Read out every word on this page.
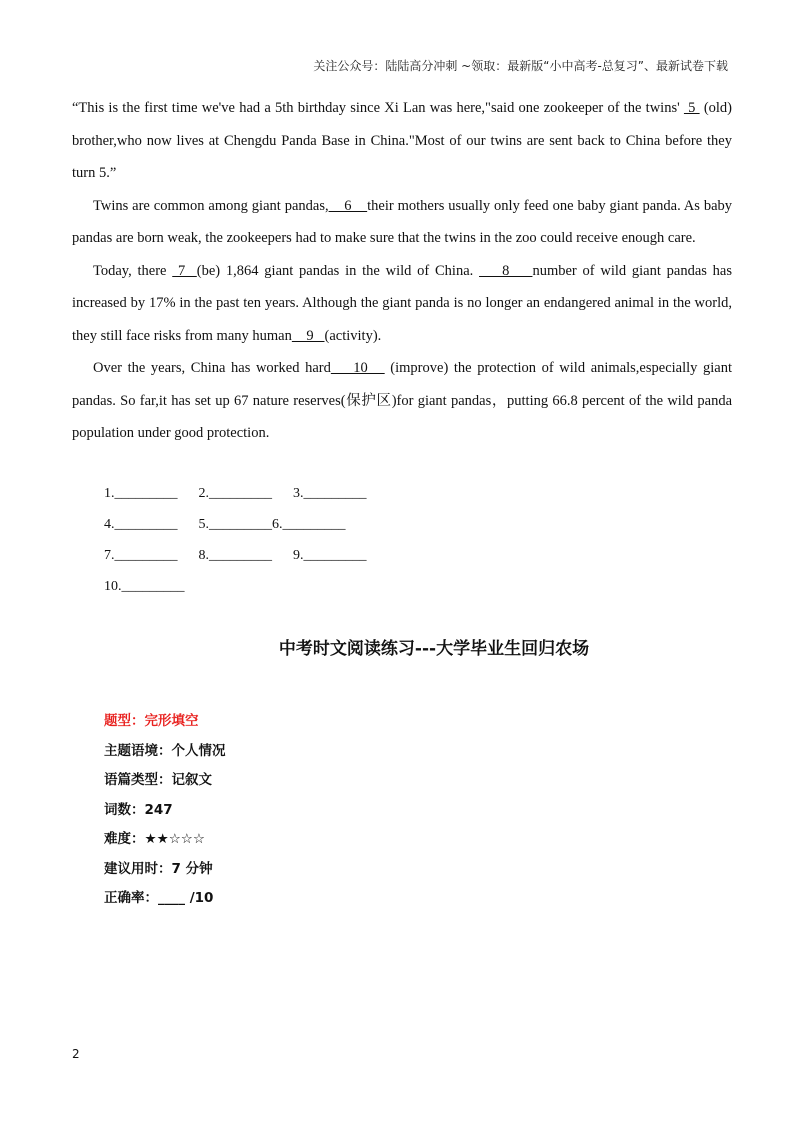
关注公众号：陆陆高分冲刺 ~领取：最新版“小中高考-总复习”、最新试卷下载

“This is the first time we've had a 5th birthday since Xi Lan was here,"said one zookeeper of the twins'  5  (old) brother,who now lives at Chengdu Panda Base in China."Most of our twins are sent back to China before they turn 5.”

Twins are common among giant pandas,    6    their mothers usually only feed one baby giant panda. As baby pandas are born weak, the zookeepers had to make sure that the twins in the zoo could receive enough care.

Today, there  7  (be) 1,864 giant pandas in the wild of China.     8    number of wild giant pandas has increased by 17% in the past ten years. Although the giant panda is no longer an endangered animal in the world, they still face risks from many human    9   (activity).

Over the years, China has worked hard    10    (improve) the protection of wild animals,especially giant pandas. So far,it has set up 67 nature reserves(保护区)for giant pandas，putting 66.8 percent of the wild panda population under good protection.

1._________      2._________      3._________
4._________      5._________6._________
7._________      8._________      9._________
10._________
中考时文阅读练习---大学毕业生回归农场
题型：完形填空
主题语境：个人情况
语篇类型：记叙文
词数：247
难度：★★☆☆☆
建议用时：7 分钟
正确率：____ /10
2
